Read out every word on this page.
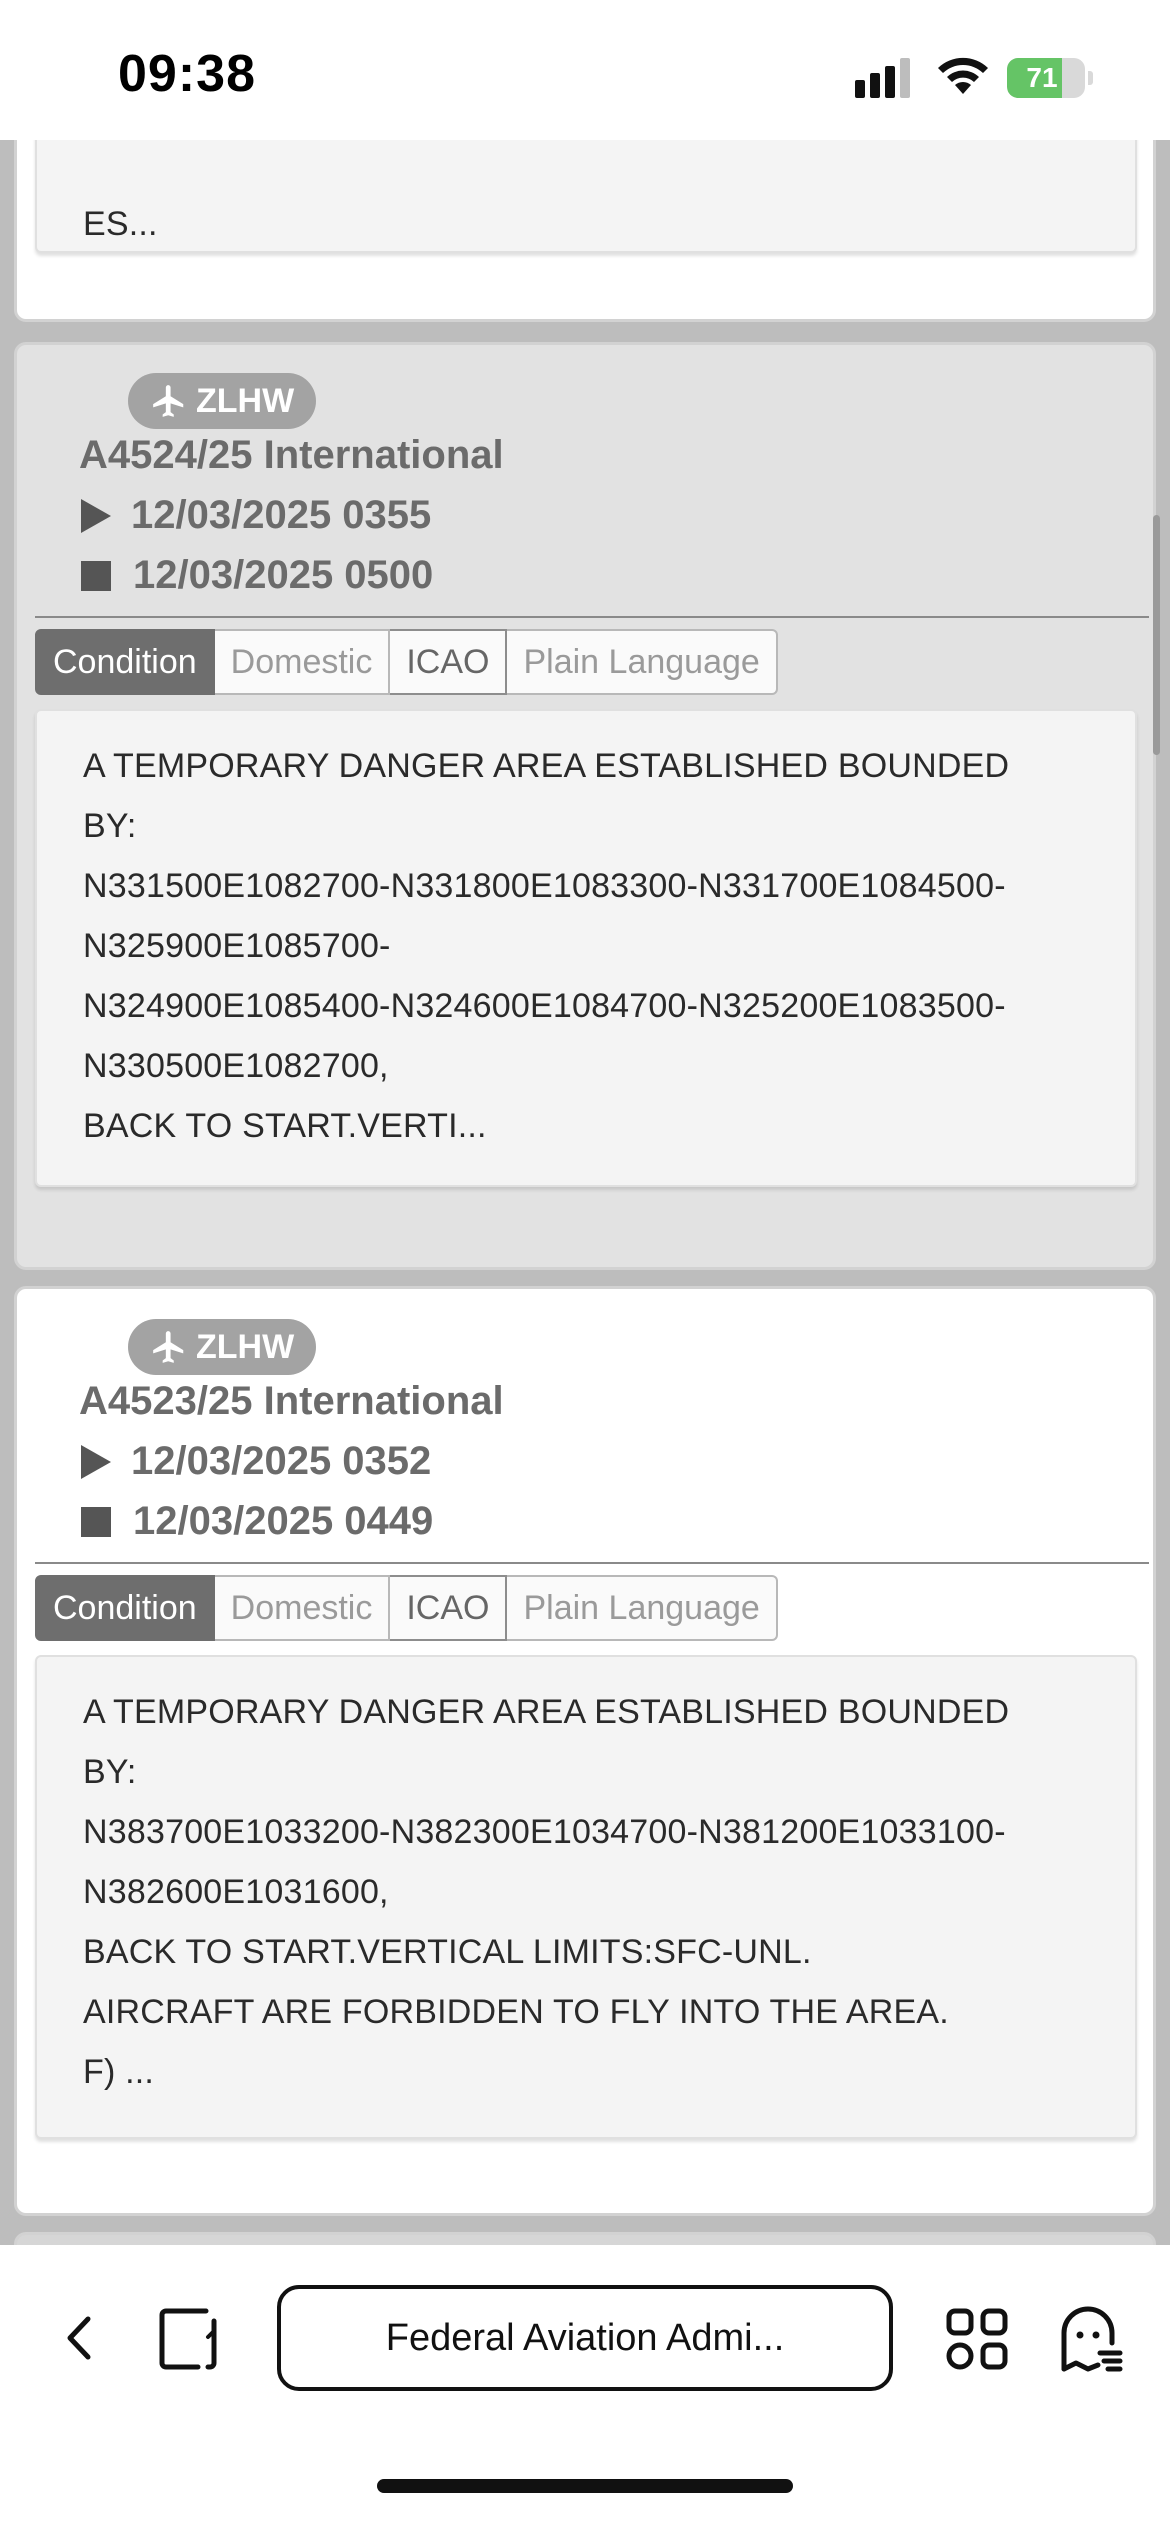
09:38	71

ES...

ZLHW
A4524/25 International
12/03/2025 0355
12/03/2025 0500
Condition	Domestic	ICAO	Plain Language

A TEMPORARY DANGER AREA ESTABLISHED BOUNDED

BY:

N331500E1082700-N331800E1083300-N331700E1084500-

N325900E1085700-

N324900E1085400-N324600E1084700-N325200E1083500-

N330500E1082700,

BACK TO START.VERTI...

ZLHW
A4523/25 International
12/03/2025 0352
12/03/2025 0449
Condition	Domestic	ICAO	Plain Language

A TEMPORARY DANGER AREA ESTABLISHED BOUNDED

BY:

N383700E1033200-N382300E1034700-N381200E1033100-

N382600E1031600,

BACK TO START.VERTICAL LIMITS:SFC-UNL.

AIRCRAFT ARE FORBIDDEN TO FLY INTO THE AREA.

F) ...

Federal Aviation Admi...
